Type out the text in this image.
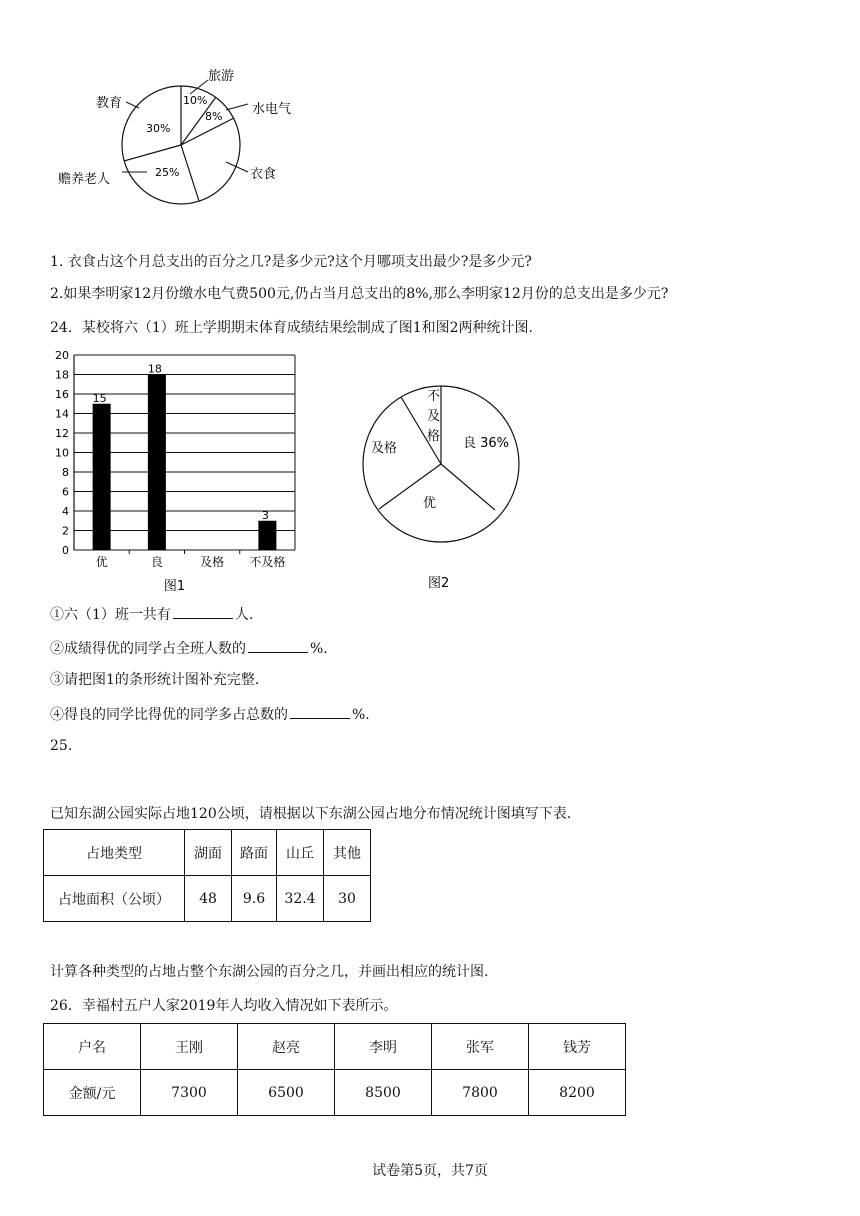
旅游
10%
水电气
8%
衣食
赡养老人	25%
教育
30%
1. 衣食占这个月总支出的百分之几?是多少元?这个月哪项支出最少?是多少元?
2.如果李明家12月份缴水电气费500元,仍占当月总支出的8%,那么李明家12月份的总支出是多少元?
24．某校将六（1）班上学期期末体育成绩结果绘制成了图1和图2两种统计图.
0
2
4
6
8
10
12
14
16
18
20
优
15
良
18
及格 不及格
3
图1
良 36%
优
及格
不
及
格
图2
①六（1）班一共有	人.
②成绩得优的同学占全班人数的	%.
③请把图1的条形统计图补充完整.
④得良的同学比得优的同学多占总数的	%.
25.
已知东湖公园实际占地120公顷，请根据以下东湖公园占地分布情况统计图填写下表.
占地类型	湖面	路面	山丘	其他
占地面积（公顷）	48	9.6	32.4	30
计算各种类型的占地占整个东湖公园的百分之几，并画出相应的统计图.
26．幸福村五户人家2019年人均收入情况如下表所示。
户名	王刚	赵亮	李明	张军	钱芳
金额/元	7300	6500	8500	7800	8200
试卷第5页，共7页
